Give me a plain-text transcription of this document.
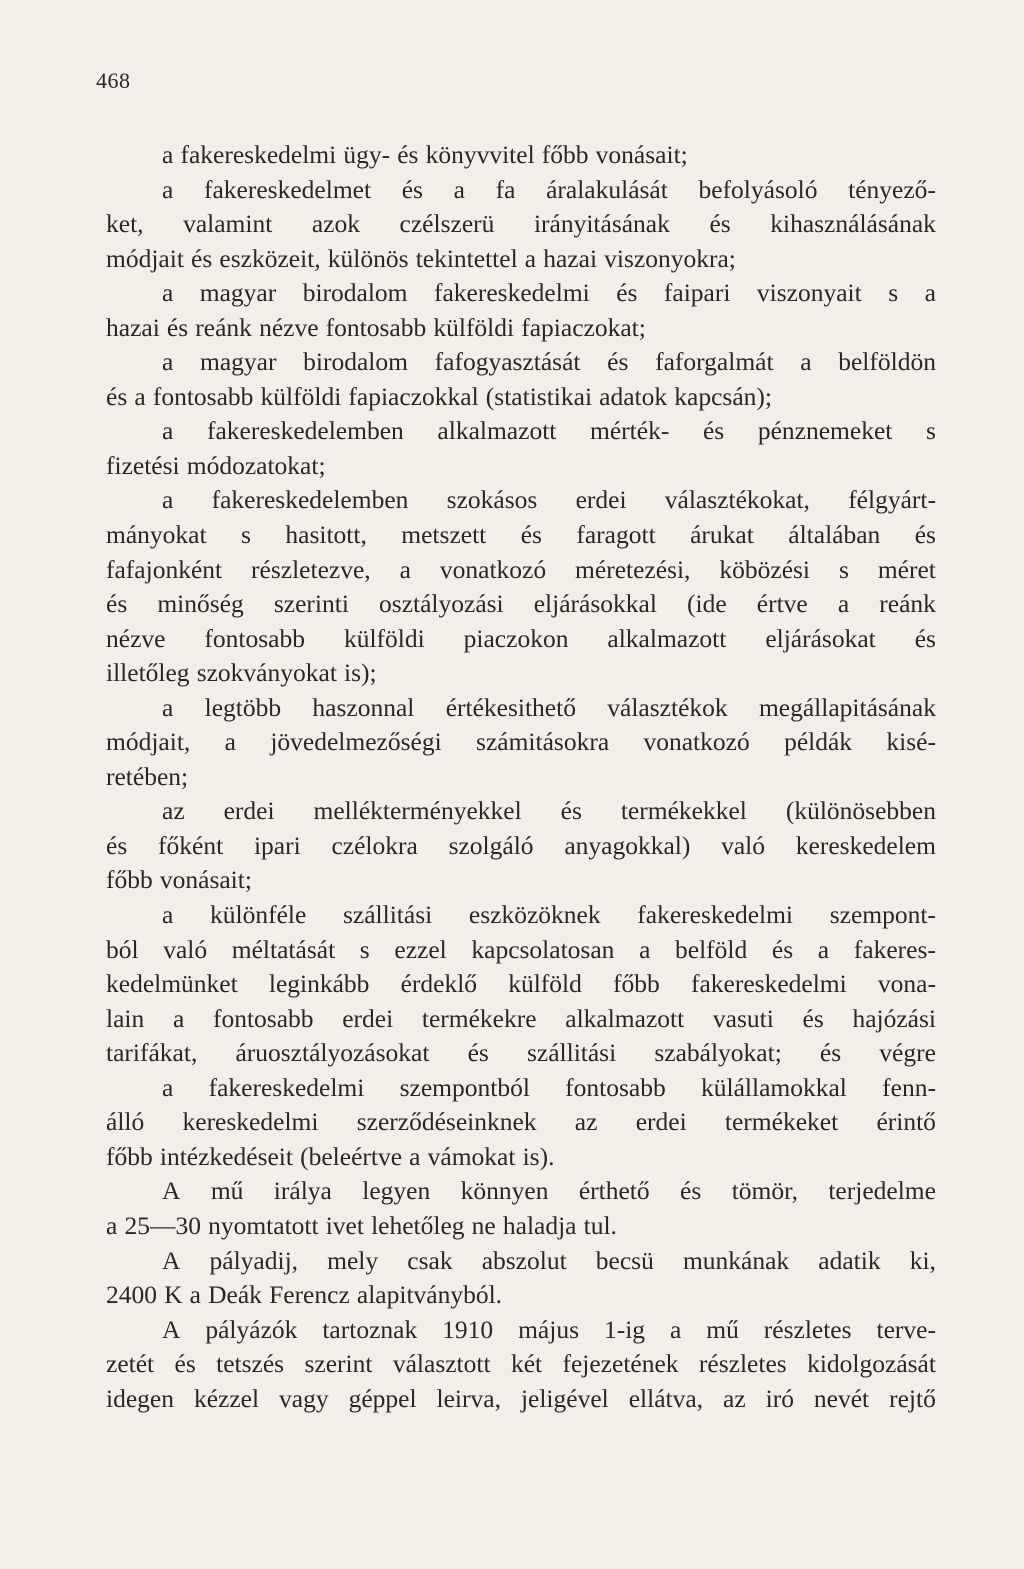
468
a fakereskedelmi ügy- és könyvvitel főbb vonásait;
a fakereskedelmet és a fa áralakulását befolyásoló tényező-
ket, valamint azok czélszerü irányitásának és kihasználásának
módjait és eszközeit, különös tekintettel a hazai viszonyokra;
a magyar birodalom fakereskedelmi és faipari viszonyait s a
hazai és reánk nézve fontosabb külföldi fapiaczokat;
a magyar birodalom fafogyasztását és faforgalmát a belföldön
és a fontosabb külföldi fapiaczokkal (statistikai adatok kapcsán);
a fakereskedelemben alkalmazott mérték- és pénznemeket s
fizetési módozatokat;
a fakereskedelemben szokásos erdei választékokat, félgyárt-
mányokat s hasitott, metszett és faragott árukat általában és
fafajonként részletezve, a vonatkozó méretezési, köbözési s méret
és minőség szerinti osztályozási eljárásokkal (ide értve a reánk
nézve fontosabb külföldi piaczokon alkalmazott eljárásokat és
illetőleg szokványokat is);
a legtöbb haszonnal értékesithető választékok megállapitásának
módjait, a jövedelmezőségi számitásokra vonatkozó példák kisé-
retében;
az erdei mellékterményekkel és termékekkel (különösebben
és főként ipari czélokra szolgáló anyagokkal) való kereskedelem
főbb vonásait;
a különféle szállitási eszközöknek fakereskedelmi szempont-
ból való méltatását s ezzel kapcsolatosan a belföld és a fakeres-
kedelmünket leginkább érdeklő külföld főbb fakereskedelmi vona-
lain a fontosabb erdei termékekre alkalmazott vasuti és hajózási
tarifákat, áruosztályozásokat és szállitási szabályokat; és végre
a fakereskedelmi szempontból fontosabb külállamokkal fenn-
álló kereskedelmi szerződéseinknek az erdei termékeket érintő
főbb intézkedéseit (beleértve a vámokat is).
A mű irálya legyen könnyen érthető és tömör, terjedelme
a 25—30 nyomtatott ivet lehetőleg ne haladja tul.
A pályadij, mely csak abszolut becsü munkának adatik ki,
2400 K a Deák Ferencz alapitványból.
A pályázók tartoznak 1910 május 1-ig a mű részletes terve-
zetét és tetszés szerint választott két fejezetének részletes kidolgozását
idegen kézzel vagy géppel leirva, jeligével ellátva, az iró nevét rejtő
